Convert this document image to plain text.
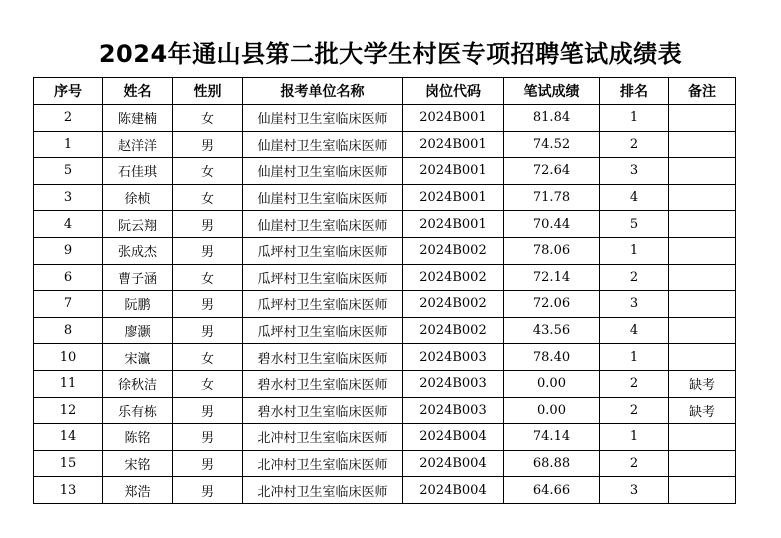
2024年通山县第二批大学生村医专项招聘笔试成绩表
序号	姓名	性别	报考单位名称	岗位代码	笔试成绩	排名	备注
2	陈建楠	女	仙崖村卫生室临床医师	2024B001	81.84	1	
1	赵洋洋	男	仙崖村卫生室临床医师	2024B001	74.52	2	
5	石佳琪	女	仙崖村卫生室临床医师	2024B001	72.64	3	
3	徐桢	女	仙崖村卫生室临床医师	2024B001	71.78	4	
4	阮云翔	男	仙崖村卫生室临床医师	2024B001	70.44	5	
9	张成杰	男	瓜坪村卫生室临床医师	2024B002	78.06	1	
6	曹子涵	女	瓜坪村卫生室临床医师	2024B002	72.14	2	
7	阮鹏	男	瓜坪村卫生室临床医师	2024B002	72.06	3	
8	廖灏	男	瓜坪村卫生室临床医师	2024B002	43.56	4	
10	宋瀛	女	碧水村卫生室临床医师	2024B003	78.40	1	
11	徐秋洁	女	碧水村卫生室临床医师	2024B003	0.00	2	缺考
12	乐有栋	男	碧水村卫生室临床医师	2024B003	0.00	2	缺考
14	陈铭	男	北冲村卫生室临床医师	2024B004	74.14	1	
15	宋铭	男	北冲村卫生室临床医师	2024B004	68.88	2	
13	郑浩	男	北冲村卫生室临床医师	2024B004	64.66	3	
